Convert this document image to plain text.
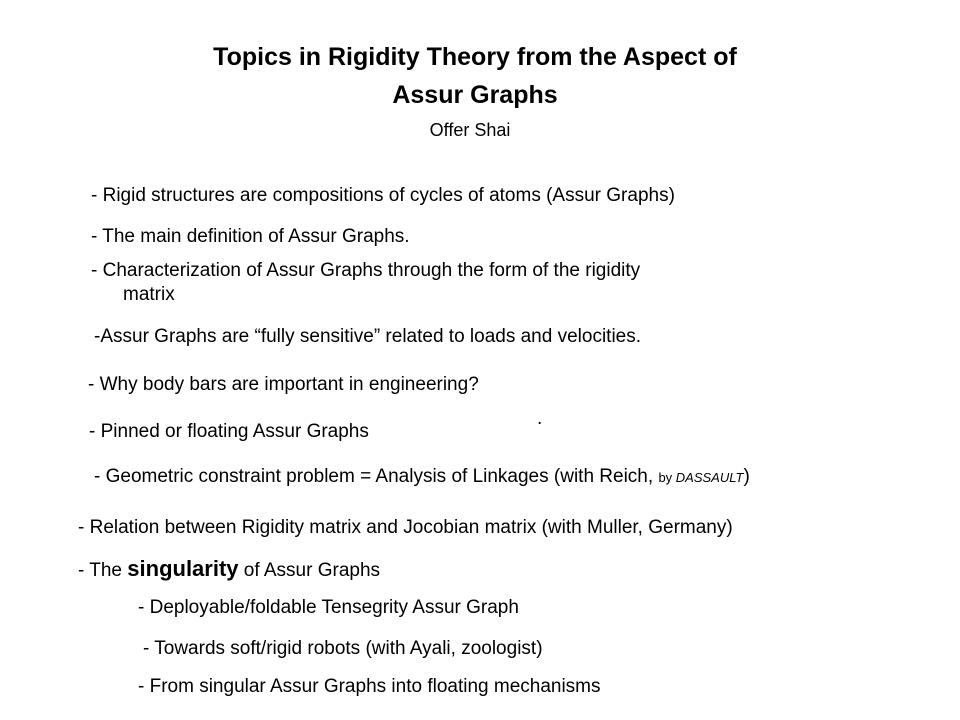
Topics in Rigidity Theory from the Aspect of
Assur Graphs
Offer Shai
- Rigid structures are compositions of cycles of atoms (Assur Graphs)
- The main definition of Assur Graphs.
- Characterization of Assur Graphs through the form of the rigidity
matrix
-Assur Graphs are “fully sensitive” related to loads and velocities.
- Why body bars are important in engineering?
.
- Pinned or floating Assur Graphs
- Geometric constraint problem = Analysis of Linkages (with Reich, by DASSAULT)
- Relation between Rigidity matrix and Jocobian matrix (with Muller, Germany)
- The singularity of Assur Graphs
- Deployable/foldable Tensegrity Assur Graph
- Towards soft/rigid robots (with Ayali, zoologist)
- From singular Assur Graphs into floating mechanisms
